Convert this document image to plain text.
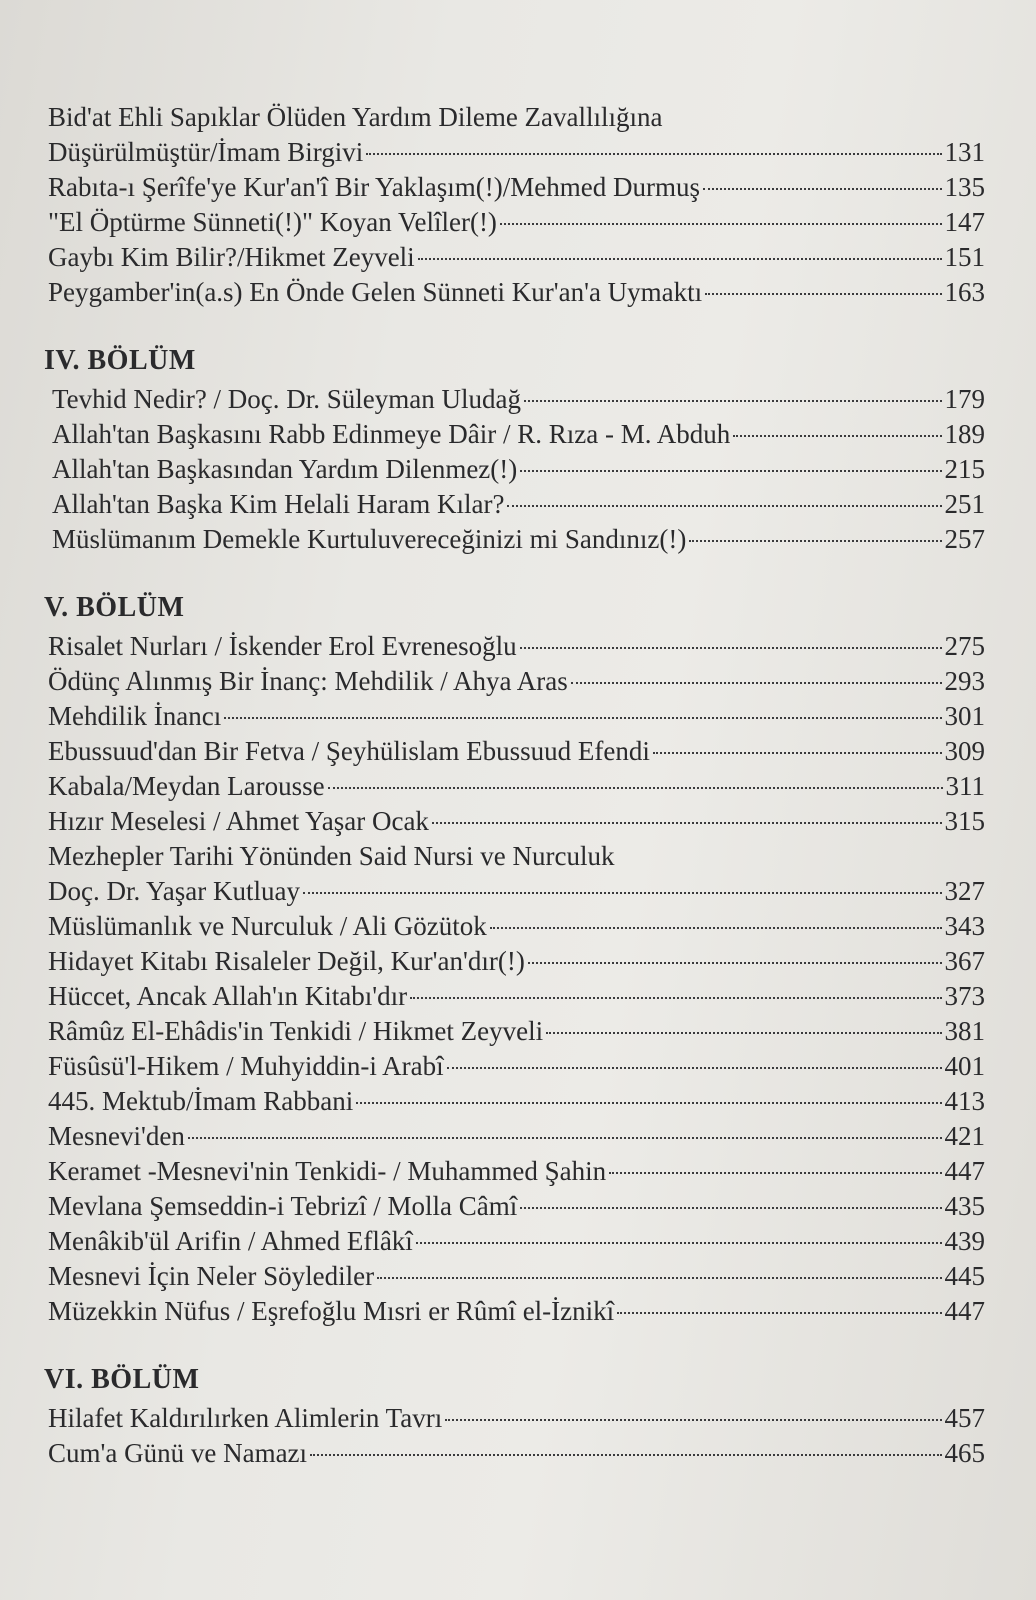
Bid'at Ehli Sapıklar Ölüden Yardım Dileme Zavallılığına
Düşürülmüştür/İmam Birgivi	131
Rabıta-ı Şerîfe'ye Kur'an'î Bir Yaklaşım(!)/Mehmed Durmuş	135
"El Öptürme Sünneti(!)" Koyan Velîler(!)	147
Gaybı Kim Bilir?/Hikmet Zeyveli	151
Peygamber'in(a.s) En Önde Gelen Sünneti Kur'an'a Uymaktı	163
IV. BÖLÜM
Tevhid Nedir? / Doç. Dr. Süleyman Uludağ	179
Allah'tan Başkasını Rabb Edinmeye Dâir / R. Rıza - M. Abduh	189
Allah'tan Başkasından Yardım Dilenmez(!)	215
Allah'tan Başka Kim Helali Haram Kılar?	251
Müslümanım Demekle Kurtuluvereceğinizi mi Sandınız(!)	257
V. BÖLÜM
Risalet Nurları / İskender Erol Evrenesoğlu	275
Ödünç Alınmış Bir İnanç: Mehdilik / Ahya Aras	293
Mehdilik İnancı	301
Ebussuud'dan Bir Fetva / Şeyhülislam Ebussuud Efendi	309
Kabala/Meydan Larousse	311
Hızır Meselesi / Ahmet Yaşar Ocak	315
Mezhepler Tarihi Yönünden Said Nursi ve Nurculuk
Doç. Dr. Yaşar Kutluay	327
Müslümanlık ve Nurculuk / Ali Gözütok	343
Hidayet Kitabı Risaleler Değil, Kur'an'dır(!)	367
Hüccet, Ancak Allah'ın Kitabı'dır	373
Râmûz El-Ehâdis'in Tenkidi / Hikmet Zeyveli	381
Füsûsü'l-Hikem / Muhyiddin-i Arabî	401
445. Mektub/İmam Rabbani	413
Mesnevi'den	421
Keramet -Mesnevi'nin Tenkidi- / Muhammed Şahin	447
Mevlana Şemseddin-i Tebrizî / Molla Câmî	435
Menâkib'ül Arifin / Ahmed Eflâkî	439
Mesnevi İçin Neler Söylediler	445
Müzekkin Nüfus / Eşrefoğlu Mısri er Rûmî el-İznikî	447
VI. BÖLÜM
Hilafet Kaldırılırken Alimlerin Tavrı	457
Cum'a Günü ve Namazı	465
